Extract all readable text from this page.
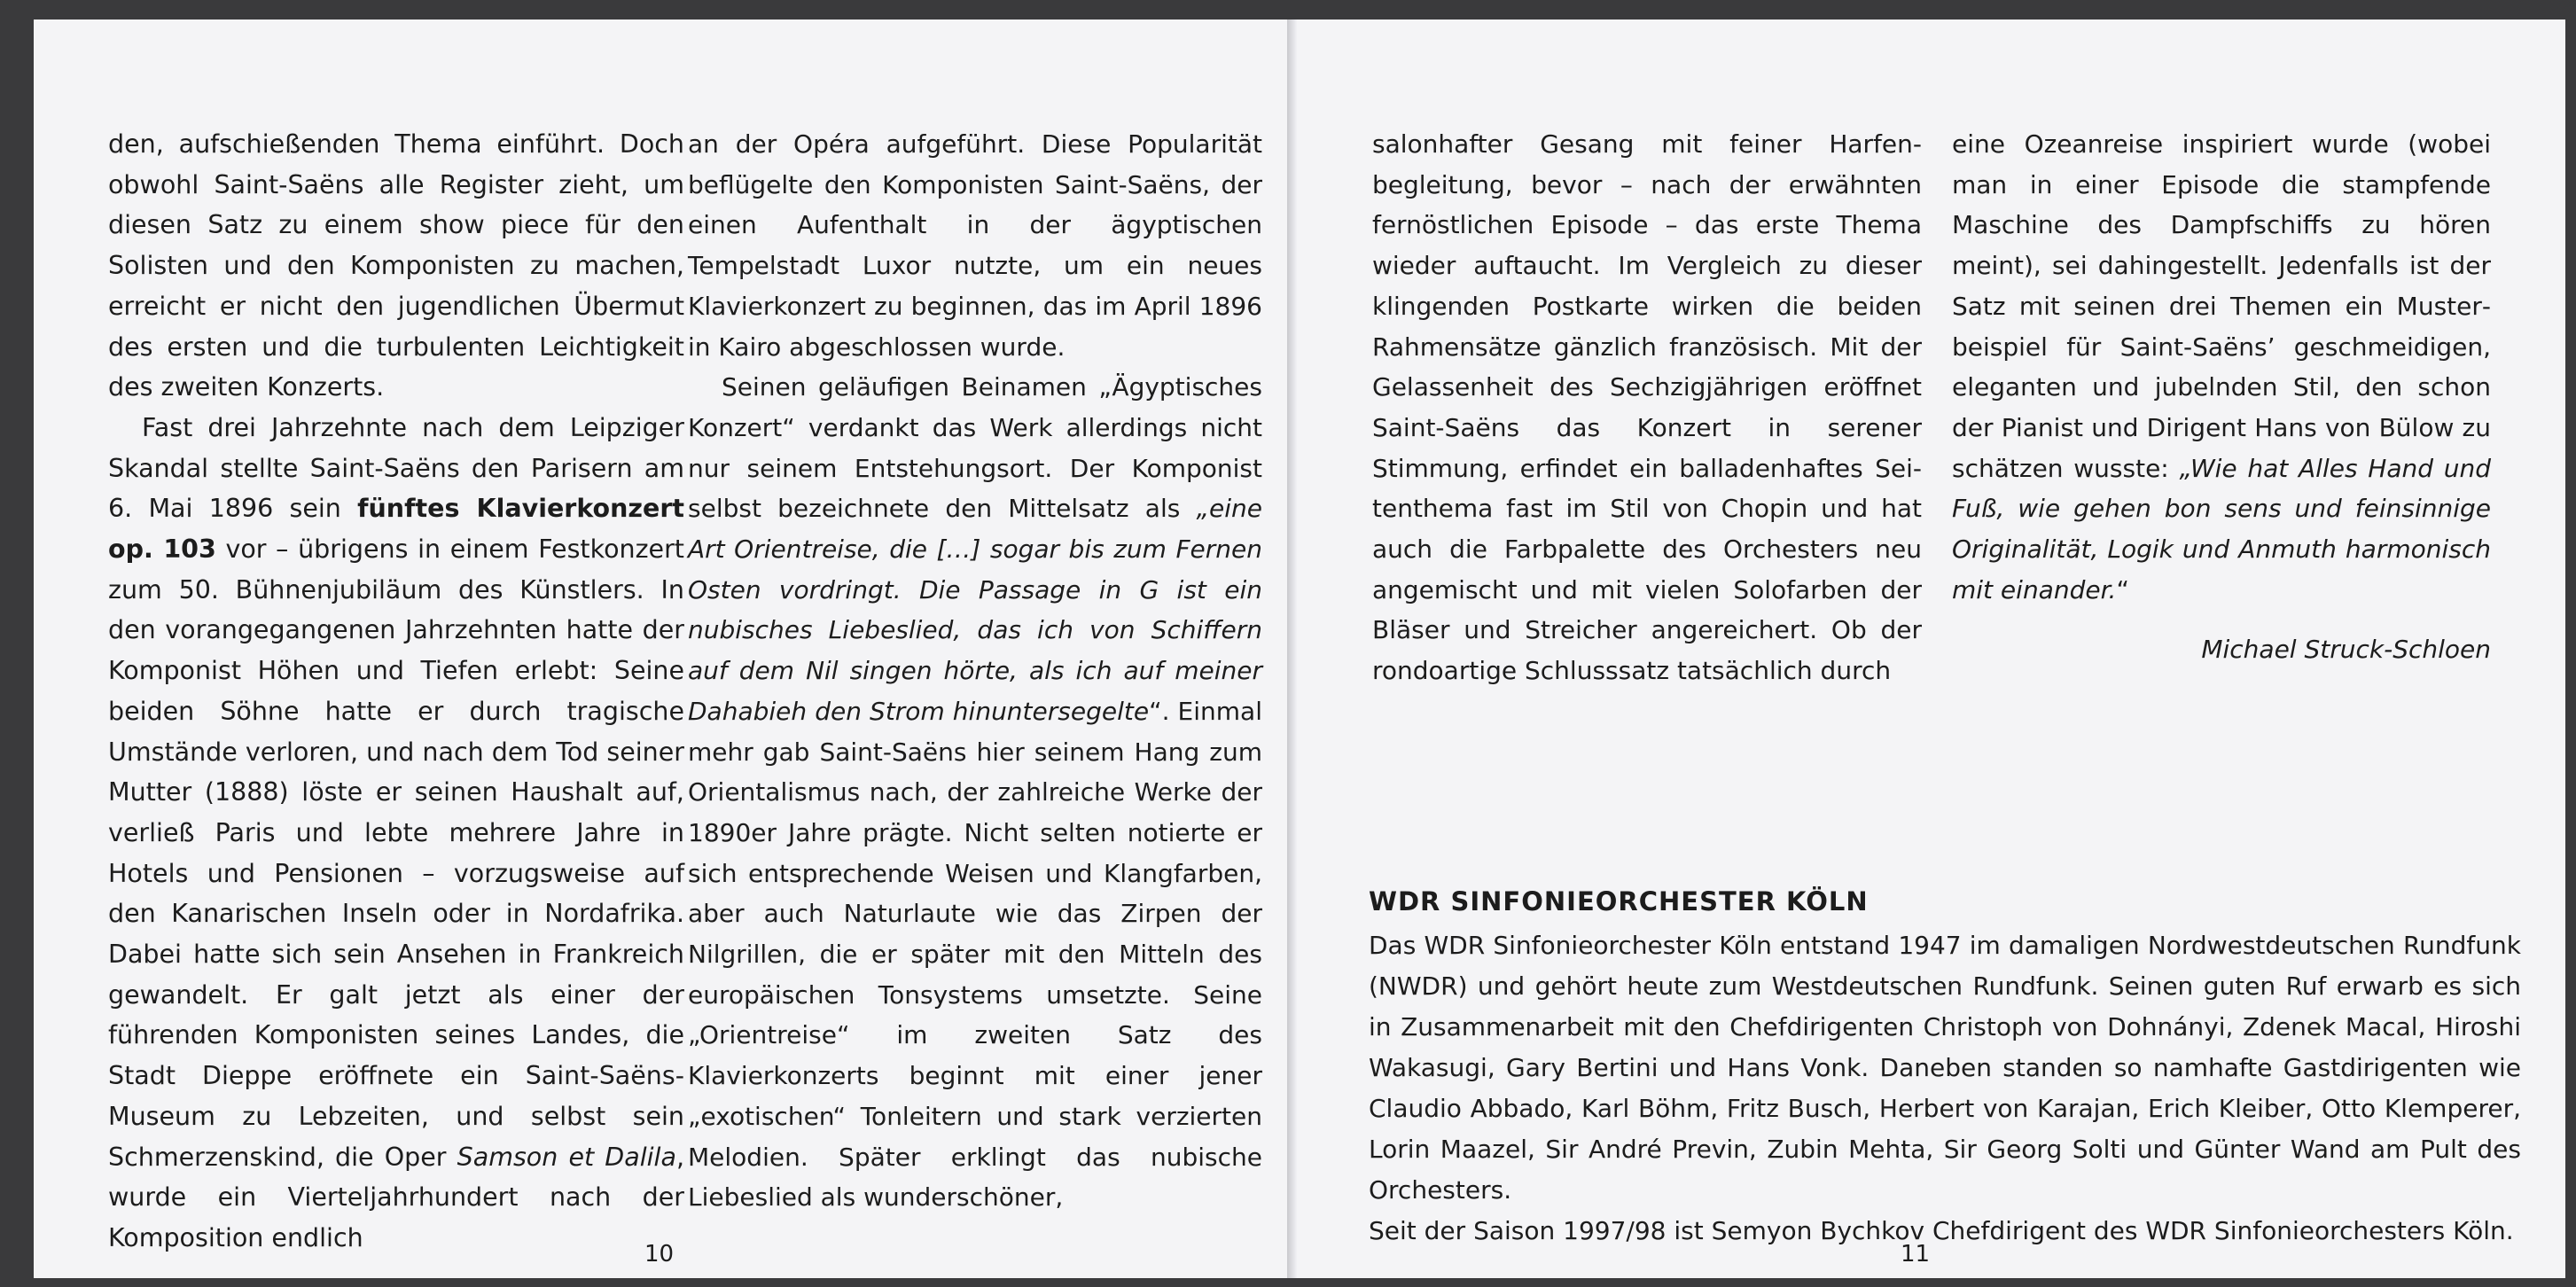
den, aufschießenden Thema einführt. Doch obwohl Saint-Saëns alle Register zieht, um diesen Satz zu einem show piece für den Solisten und den Komponisten zu machen, erreicht er nicht den jugendlichen Übermut des ersten und die turbulenten Leichtigkeit des zweiten Konzerts.

Fast drei Jahrzehnte nach dem Leipziger Skandal stellte Saint-Saëns den Parisern am 6. Mai 1896 sein fünftes Klavierkonzert op. 103 vor – übrigens in einem Festkonzert zum 50. Bühnenjubiläum des Künstlers. In den vorangegangenen Jahrzehnten hatte der Komponist Höhen und Tiefen erlebt: Seine beiden Söhne hatte er durch tragische Umstände verloren, und nach dem Tod seiner Mutter (1888) löste er seinen Haushalt auf, verließ Paris und lebte mehrere Jahre in Hotels und Pensionen – vorzugsweise auf den Kanarischen Inseln oder in Nordafrika. Dabei hatte sich sein Ansehen in Frankreich gewandelt. Er galt jetzt als einer der führenden Komponisten seines Landes, die Stadt Dieppe eröffnete ein Saint-Saëns-Museum zu Lebzeiten, und selbst sein Schmerzenskind, die Oper Samson et Dalila, wurde ein Vierteljahrhundert nach der Komposition endlich

an der Opéra aufgeführt. Diese Popularität beflügelte den Komponisten Saint-Saëns, der einen Aufenthalt in der ägyptischen Tempelstadt Luxor nutzte, um ein neues Klavierkonzert zu beginnen, das im April 1896 in Kairo abgeschlossen wurde.

Seinen geläufigen Beinamen „Ägyptisches Konzert“ verdankt das Werk allerdings nicht nur seinem Entstehungsort. Der Komponist selbst bezeichnete den Mittelsatz als „eine Art Orientreise, die […] sogar bis zum Fernen Osten vordringt. Die Passage in G ist ein nubisches Liebeslied, das ich von Schiffern auf dem Nil singen hörte, als ich auf meiner Dahabieh den Strom hinuntersegelte“. Einmal mehr gab Saint-Saëns hier seinem Hang zum Orientalismus nach, der zahlreiche Werke der 1890er Jahre prägte. Nicht selten notierte er sich entsprechende Weisen und Klangfarben, aber auch Naturlaute wie das Zirpen der Nilgrillen, die er später mit den Mitteln des europäischen Tonsystems umsetzte. Seine „Orientreise“ im zweiten Satz des Klavierkonzerts beginnt mit einer jener „exotischen“ Tonleitern und stark verzierten Melodien. Später erklingt das nubische Liebeslied als wunderschöner,

10

salonhafter Gesang mit feiner Harfenbegleitung, bevor – nach der erwähnten fernöstlichen Episode – das erste Thema wieder auftaucht. Im Vergleich zu dieser klingenden Postkarte wirken die beiden Rahmensätze gänzlich französisch. Mit der Gelassenheit des Sechzigjährigen eröffnet Saint-Saëns das Konzert in serener Stimmung, erfindet ein balladenhaftes Seitenthema fast im Stil von Chopin und hat auch die Farbpalette des Orchesters neu angemischt und mit vielen Solofarben der Bläser und Streicher angereichert. Ob der rondoartige Schlusssatz tatsächlich durch

eine Ozeanreise inspiriert wurde (wobei man in einer Episode die stampfende Maschine des Dampfschiffs zu hören meint), sei dahingestellt. Jedenfalls ist der Satz mit seinen drei Themen ein Musterbeispiel für Saint-Saëns’ geschmeidigen, eleganten und jubelnden Stil, den schon der Pianist und Dirigent Hans von Bülow zu schätzen wusste: „Wie hat Alles Hand und Fuß, wie gehen bon sens und feinsinnige Originalität, Logik und Anmuth harmonisch mit einander.“

Michael Struck-Schloen

WDR SINFONIEORCHESTER KÖLN

Das WDR Sinfonieorchester Köln entstand 1947 im damaligen Nordwestdeutschen Rundfunk (NWDR) und gehört heute zum Westdeutschen Rundfunk. Seinen guten Ruf erwarb es sich in Zusammenarbeit mit den Chefdirigenten Christoph von Dohnányi, Zdenek Macal, Hiroshi Wakasugi, Gary Bertini und Hans Vonk. Daneben standen so namhafte Gastdirigenten wie Claudio Abbado, Karl Böhm, Fritz Busch, Herbert von Karajan, Erich Kleiber, Otto Klemperer, Lorin Maazel, Sir André Previn, Zubin Mehta, Sir Georg Solti und Günter Wand am Pult des Orchesters.

Seit der Saison 1997/98 ist Semyon Bychkov Chefdirigent des WDR Sinfonieorchesters Köln.

11
